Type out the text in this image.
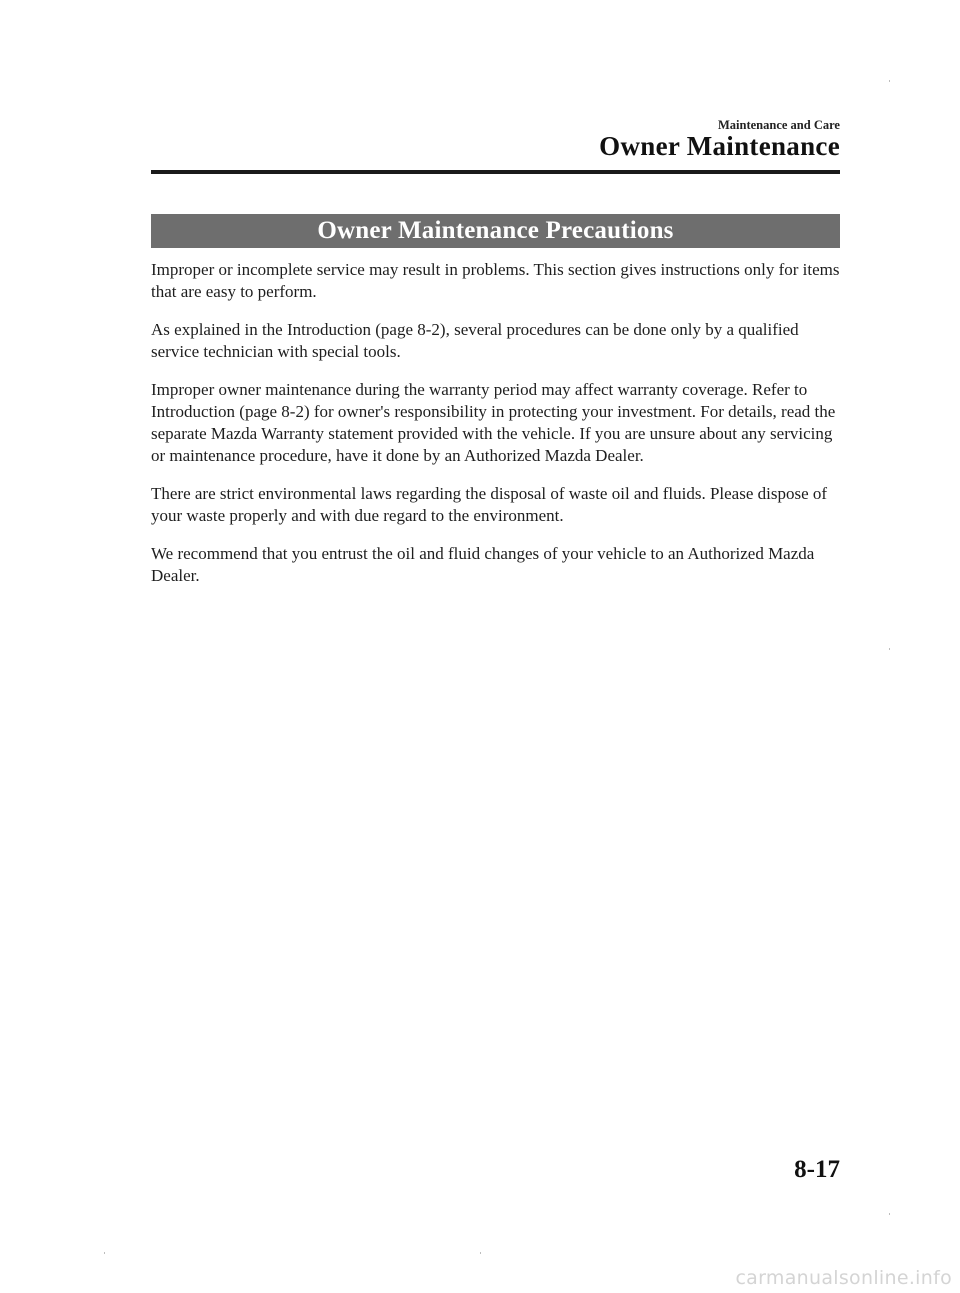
Maintenance and Care
Owner Maintenance
Owner Maintenance Precautions

Improper or incomplete service may result in problems. This section gives instructions only for items that are easy to perform.

As explained in the Introduction (page 8-2), several procedures can be done only by a qualified service technician with special tools.

Improper owner maintenance during the warranty period may affect warranty coverage. Refer to Introduction (page 8-2) for owner's responsibility in protecting your investment. For details, read the separate Mazda Warranty statement provided with the vehicle. If you are unsure about any servicing or maintenance procedure, have it done by an Authorized Mazda Dealer.

There are strict environmental laws regarding the disposal of waste oil and fluids. Please dispose of your waste properly and with due regard to the environment.

We recommend that you entrust the oil and fluid changes of your vehicle to an Authorized Mazda Dealer.

8-17
carmanualsonline.info
